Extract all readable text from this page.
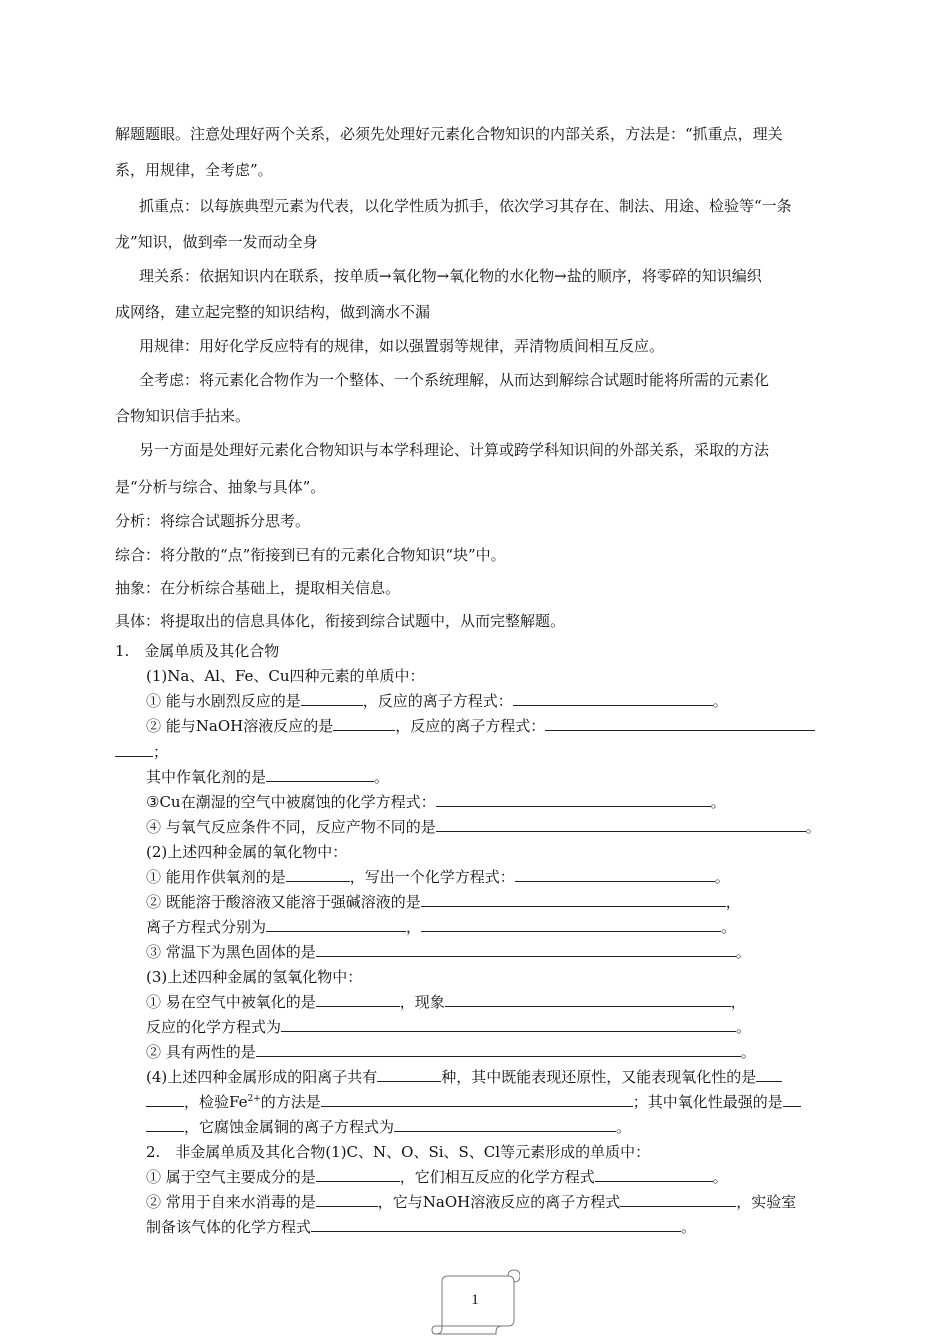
解题题眼。注意处理好两个关系，必须先处理好元素化合物知识的内部关系，方法是：“抓重点，理关
系，用规律，全考虑”。
抓重点：以每族典型元素为代表，以化学性质为抓手，依次学习其存在、制法、用途、检验等“一条
龙”知识，做到牵一发而动全身
理关系：依据知识内在联系，按单质→氧化物→氧化物的水化物→盐的顺序，将零碎的知识编织
成网络，建立起完整的知识结构，做到滴水不漏
用规律：用好化学反应特有的规律，如以强置弱等规律，弄清物质间相互反应。
全考虑：将元素化合物作为一个整体、一个系统理解，从而达到解综合试题时能将所需的元素化
合物知识信手拈来。
另一方面是处理好元素化合物知识与本学科理论、计算或跨学科知识间的外部关系，采取的方法
是“分析与综合、抽象与具体”。
分析：将综合试题拆分思考。
综合：将分散的“点”衔接到已有的元素化合物知识“块”中。
抽象：在分析综合基础上，提取相关信息。
具体：将提取出的信息具体化，衔接到综合试题中，从而完整解题。
1.　金属单质及其化合物
(1)Na、Al、Fe、Cu四种元素的单质中：
① 能与水剧烈反应的是	，反应的离子方程式：	。
② 能与NaOH溶液反应的是	，反应的离子方程式：
；
其中作氧化剂的是	。
③Cu在潮湿的空气中被腐蚀的化学方程式：	。
④ 与氧气反应条件不同，反应产物不同的是	。
(2)上述四种金属的氧化物中：
① 能用作供氧剂的是	，写出一个化学方程式：	。
② 既能溶于酸溶液又能溶于强碱溶液的是	，
离子方程式分别为	，	。
③ 常温下为黑色固体的是	。
(3)上述四种金属的氢氧化物中：
① 易在空气中被氧化的是	，现象	，
反应的化学方程式为	。
② 具有两性的是	。
(4)上述四种金属形成的阳离子共有	种，其中既能表现还原性，又能表现氧化性的是
，检验$Fe^{2+}$的方法是	；其中氧化性最强的是
，它腐蚀金属铜的离子方程式为	。
2.　非金属单质及其化合物(1)C、N、O、Si、S、Cl等元素形成的单质中：
① 属于空气主要成分的是	，它们相互反应的化学方程式	。
② 常用于自来水消毒的是	，它与NaOH溶液反应的离子方程式	，实验室
制备该气体的化学方程式	。
1
